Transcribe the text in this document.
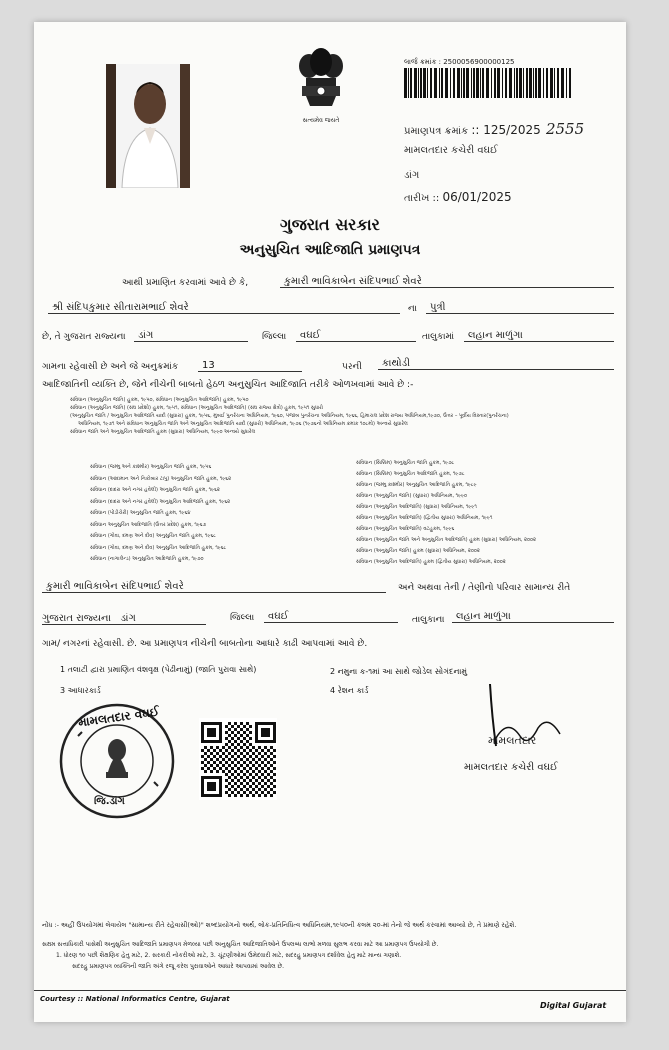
સત્યમેવ જયતે
લાર્જ ક્રમાંક : 2500056900000125
પ્રમાણપત્ર ક્રમાંક :: 125/2025 2555
મામલતદાર કચેરી વઘઈ
ડાંગ
તારીખ :: 06/01/2025
ગુજરાત સરકાર
અનુસુચિત આદિજાતિ પ્રમાણપત્ર
આથી પ્રમાણિત કરવામાં આવે છે કે,	કુમારી ભાવિકાબેન સંદિપભાઈ શેવરે
શ્રી સંદિપકુમાર સીતારામભાઈ શેવરે	ના	પુત્રી
છે, તે ગુજરાત રાજ્યના	ડાંગ	જિલ્લા	વઘઈ	તાલુકામાં	લહાન માળુંગા
ગામના રહેવાસી છે અને જે અનુક્રમાંક	13	પરની	કાથોડી
આદિજાતિની વ્યક્તિ છે, જેને નીચેની બાબતો હેઠળ અનુસુચિત આદિજાતિ તરીકે ઓળખવામાં આવે છે :-
સંવિધાન (અનુસુચિત જાતિ) હુકમ, ૧૯૫૦, સંવિધાન (અનુસુચિત આદિજાતિ) હુકમ, ૧૯૫૦
સંવિધાન (અનુસુચિત જાતિ) (સંઘ પ્રદેશો) હુકમ, ૧૯૫૧, સંવિધાન (અનુસુચિત આદિજાતિ) (સંઘ રાજ્ય ક્ષેત્રો) હુકમ, ૧૯૫૧ સુધારો
(અનુસુચિત જાતિ / અનુસુચિત આદિજાતિ યાદી (સુધારા) હુકમ, ૧૯૫૬, મુંબઈ પુનર્રચના અધિનિયમ, ૧૯૬૦, પંજાબ પુનર્રચના અધિનિયમ, ૧૯૬૬, હિમાચલ પ્રદેશ રાજ્ય અધિનિયમ,૧૯૭૦, ઉત્તર – પૂર્વીય વિસ્તાર(પુનર્રચના)
અધિનિયમ, ૧૯૭૧ અને સંવિધાન અનુસુચિત જાતિ અને અનુસુચિત આદિજાતિ યાદી (સુધારો) અધિનિયમ, ૧૯૭૬ (૧૯૭૬નો અધિનિયમ ક્રમાંક ૧૦૮મો) અન્વયે સુધારેલ
સંવિધાન જાતિ અને અનુસુચિત આદિજાતિ હુકમ (સુધારા) અધિનિયમ, ૧૯૯૦ અન્વયે સુધારેલ
સંવિધાન (જમ્મુ અને કાશ્મીર) અનુસુચિત જાતિ હુકમ, ૧૯૫૬
સંવિધાન (આંદામાન અને નિકોબાર ટાપુ) અનુસુચિત જાતિ હુકમ, ૧૯૬૨
સંવિધાન (દાદરા અને નગર હવેલી) અનુસુચિત જાતિ હુકમ, ૧૯૬૨
સંવિધાન (દાદરા અને નગર હવેલી) અનુસુચિત આદિજાતિ હુકમ, ૧૯૬૨
સંવિધાન (પોંડીચેરી) અનુસુચિત જાતિ હુકમ, ૧૯૬૪
સંવિધાન અનુસુચિત આદિજાતિ (ઉત્તર પ્રદેશ) હુકમ, ૧૯૬૭
સંવિધાન (ગોવા, દમણ અને દીવ) અનુસુચિત જાતિ હુકમ, ૧૯૬૮
સંવિધાન (ગોવા, દમણ અને દીવ) અનુસુચિત આદિજાતિ હુકમ, ૧૯૬૮
સંવિધાન (નાગાલેન્ડ) અનુસુચિત આદિજાતિ હુકમ, ૧૯૭૦
સંવિધાન (સિક્કિમ) અનુસુચિત જાતિ હુકમ, ૧૯૭૮
સંવિધાન (સિક્કિમ) અનુસુચિત આદિજાતિ હુકમ, ૧૯૭૮
સંવિધાન (જમ્મુ કાશ્મીર) અનુસુચિત આદિજાતિ હુકમ, ૧૯૮૯
સંવિધાન (અનુસુચિત જાતિ) (સુધારા) અધિનિયમ, ૧૯૯૦
સંવિધાન (અનુસુચિત આદિજાતિ) (સુધારા) અધિનિયમ, ૧૯૯૧
સંવિધાન (અનુસુચિત આદિજાતિ) (દ્વિતીય સુધારા) અધિનિયમ, ૧૯૯૧
સંવિધાન (અનુસુચિત આદિજાતિ) વટહુકમ, ૧૯૯૬
સંવિધાન (અનુસુચિત જાતિ અને અનુસુચિત આદિજાતિ) હુકમ (સુધારા) અધિનિયમ, ૨૦૦૨
સંવિધાન (અનુસુચિત જાતિ) હુકમ (સુધારા) અધિનિયમ, ૨૦૦૨
સંવિધાન (અનુસુચિત આદિજાતિ) હુકમ (દ્વિતીય સુધારા) અધિનિયમ, ૨૦૦૨
કુમારી ભાવિકાબેન સંદિપભાઈ શેવરે	અને અથવા તેની / તેણીનો પરિવાર સામાન્ય રીતે
ગુજરાત રાજ્યના ડાંગ	જિલ્લા	વઘઈ	તાલુકાના	લહાન માળુંગા
ગામ/ નગરનાં રહેવાસી. છે. આ પ્રમાણપત્ર નીચેની બાબતોના આધારે કાઢી આપવામાં આવે છે.
1 તલાટી દ્વારા પ્રમાણિત વંશવૃક્ષ (પેઢીનામું) (જાતિ પુરાવા સાથે)	2 નમુના ક-૧માં આ સાથે જોડેલ સોગંદનામું
3 આધારકાર્ડ	4 રેશન કાર્ડ
મામલતદાર વઘઈ
જિ.ડાંગ
મામલતદાર
મામલતદાર કચેરી વઘઈ
નોંધ :- અહીં ઉપયોગમાં લેવાયેલ "સામાન્ય રીતે રહેવાસી(ઓ)" શબ્દપ્રયોગનો અર્થ, લોક-પ્રતિનિધિત્વ અધિનિયમ,૧૯૫૦ની કલમ ૨૦-માં તેનો જે અર્થ કરવામાં આવ્યો છે, તે પ્રમાણે રહેશે.
સક્ષમ સત્તાધિકારી પાસેથી અનુસુચિત આદિજાતિ પ્રમાણપત્ર મેળવ્યા પછી અનુસુચિત આદિજાતિઓને ઉપલબ્ધ લાભો મળવા સુલભ કરવા માટે આ પ્રમાણપત્ર ઉપયોગી છે.
1. ધોરણ ૧૦ પછી શૈક્ષણિક હેતુ માટે, 2. સરકારી નોકરીઓ માટે, 3. ચૂંટણીઓમાં ઉમેદવારી માટે, સદરહુ પ્રમાણપત્ર દર્શાવેલ હેતુ માટે માન્ય ગણાશે.
સદરહુ પ્રમાણપત્ર વ્યક્તિની જાતિ અંગે રજૂ કરેલ પુરાવાઓને આધારે આપવામાં આવેલ છે.
Courtesy :: National Informatics Centre, Gujarat
Digital Gujarat
